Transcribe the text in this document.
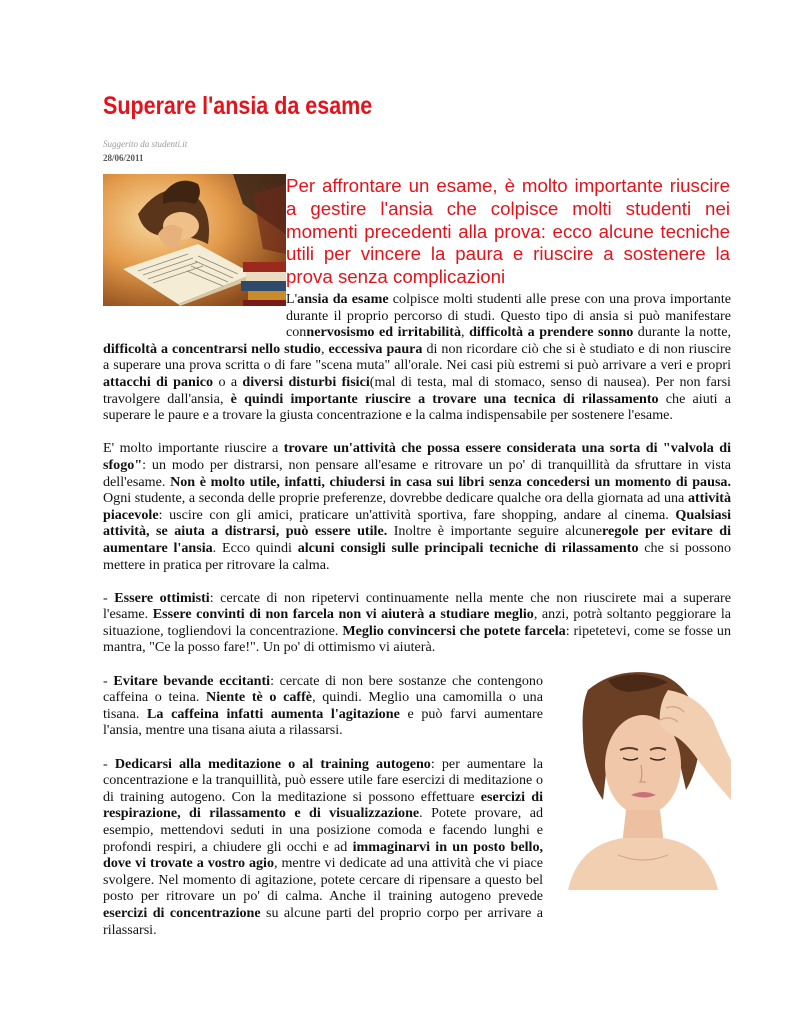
Superare l'ansia da esame
Suggerito da studenti.it
28/06/2011

Per affrontare un esame, è molto importante riuscire a gestire l'ansia che colpisce molti studenti nei momenti precedenti alla prova: ecco alcune tecniche utili per vincere la paura e riuscire a sostenere la prova senza complicazioni

L'ansia da esame colpisce molti studenti alle prese con una prova importante durante il proprio percorso di studi. Questo tipo di ansia si può manifestare connervosismo ed irritabilità, difficoltà a prendere sonno durante la notte, difficoltà a concentrarsi nello studio, eccessiva paura di non ricordare ciò che si è studiato e di non riuscire a superare una prova scritta o di fare "scena muta" all'orale. Nei casi più estremi si può arrivare a veri e propri attacchi di panico o a diversi disturbi fisici(mal di testa, mal di stomaco, senso di nausea). Per non farsi travolgere dall'ansia, è quindi importante riuscire a trovare una tecnica di rilassamento che aiuti a superare le paure e a trovare la giusta concentrazione e la calma indispensabile per sostenere l'esame.

E' molto importante riuscire a trovare un'attività che possa essere considerata una sorta di "valvola di sfogo": un modo per distrarsi, non pensare all'esame e ritrovare un po' di tranquillità da sfruttare in vista dell'esame. Non è molto utile, infatti, chiudersi in casa sui libri senza concedersi un momento di pausa. Ogni studente, a seconda delle proprie preferenze, dovrebbe dedicare qualche ora della giornata ad una attività piacevole: uscire con gli amici, praticare un'attività sportiva, fare shopping, andare al cinema. Qualsiasi attività, se aiuta a distrarsi, può essere utile. Inoltre è importante seguire alcuneregole per evitare di aumentare l'ansia. Ecco quindi alcuni consigli sulle principali tecniche di rilassamento che si possono mettere in pratica per ritrovare la calma.

- Essere ottimisti: cercate di non ripetervi continuamente nella mente che non riuscirete mai a superare l'esame. Essere convinti di non farcela non vi aiuterà a studiare meglio, anzi, potrà soltanto peggiorare la situazione, togliendovi la concentrazione. Meglio convincersi che potete farcela: ripetetevi, come se fosse un mantra, "Ce la posso fare!". Un po' di ottimismo vi aiuterà.

- Evitare bevande eccitanti: cercate di non bere sostanze che contengono caffeina o teina. Niente tè o caffè, quindi. Meglio una camomilla o una tisana. La caffeina infatti aumenta l'agitazione e può farvi aumentare l'ansia, mentre una tisana aiuta a rilassarsi.

- Dedicarsi alla meditazione o al training autogeno: per aumentare la concentrazione e la tranquillità, può essere utile fare esercizi di meditazione o di training autogeno. Con la meditazione si possono effettuare esercizi di respirazione, di rilassamento e di visualizzazione. Potete provare, ad esempio, mettendovi seduti in una posizione comoda e facendo lunghi e profondi respiri, a chiudere gli occhi e ad immaginarvi in un posto bello, dove vi trovate a vostro agio, mentre vi dedicate ad una attività che vi piace svolgere. Nel momento di agitazione, potete cercare di ripensare a questo bel posto per ritrovare un po' di calma. Anche il training autogeno prevede esercizi di concentrazione su alcune parti del proprio corpo per arrivare a rilassarsi.
